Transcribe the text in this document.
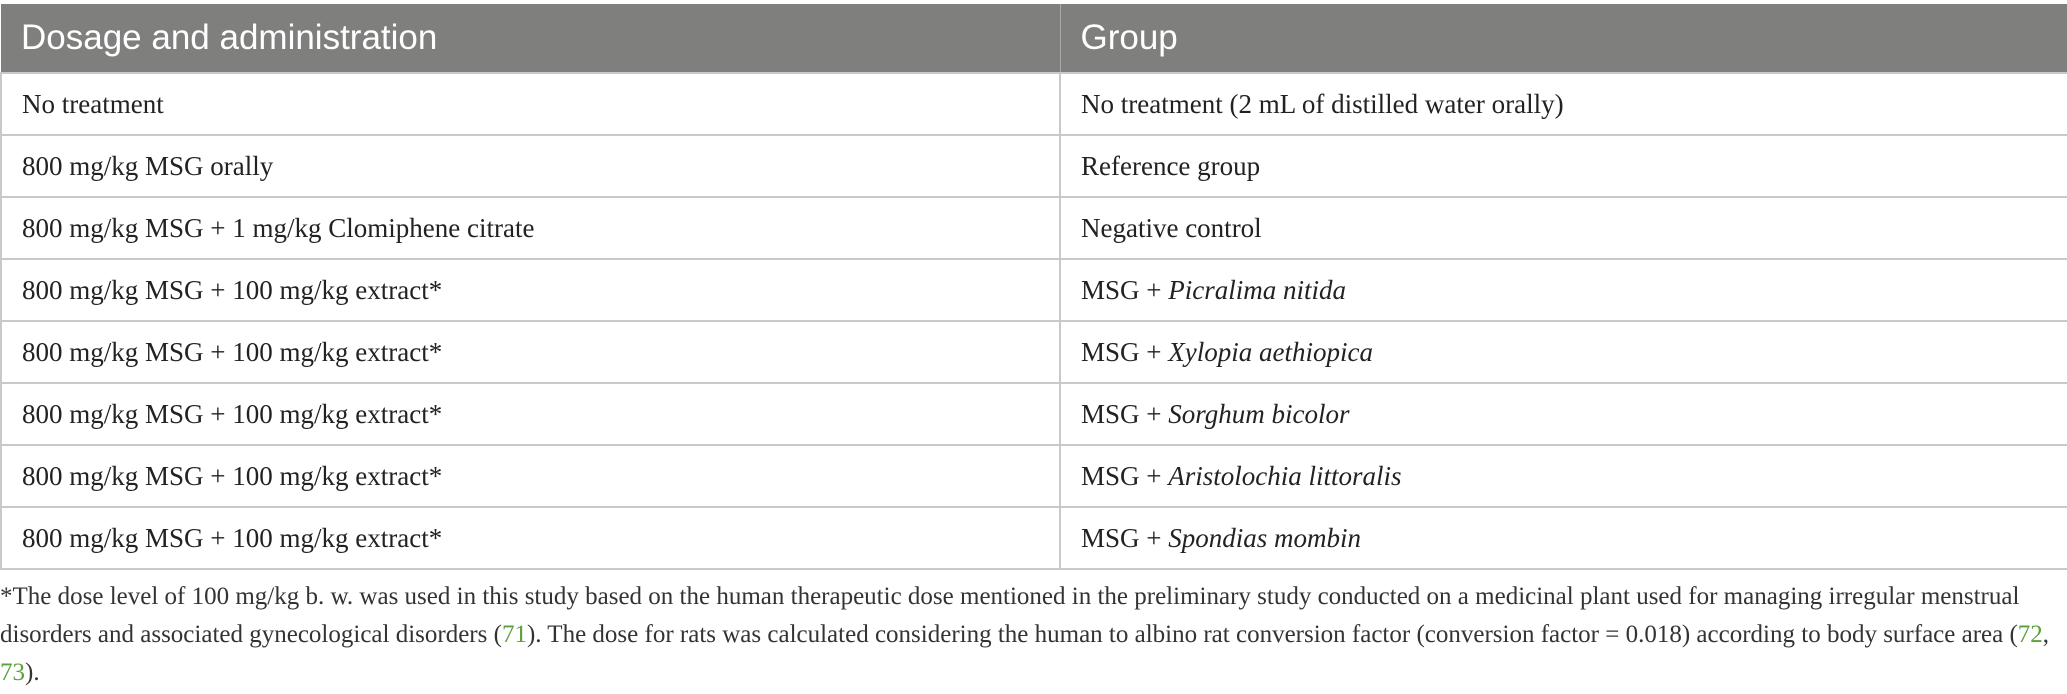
Dosage and administration	Group
No treatment	No treatment (2 mL of distilled water orally)
800 mg/kg MSG orally	Reference group
800 mg/kg MSG + 1 mg/kg Clomiphene citrate	Negative control
800 mg/kg MSG + 100 mg/kg extract*	MSG + Picralima nitida
800 mg/kg MSG + 100 mg/kg extract*	MSG + Xylopia aethiopica
800 mg/kg MSG + 100 mg/kg extract*	MSG + Sorghum bicolor
800 mg/kg MSG + 100 mg/kg extract*	MSG + Aristolochia littoralis
800 mg/kg MSG + 100 mg/kg extract*	MSG + Spondias mombin
*The dose level of 100 mg/kg b. w. was used in this study based on the human therapeutic dose mentioned in the preliminary study conducted on a medicinal plant used for managing irregular menstrual disorders and associated gynecological disorders (71). The dose for rats was calculated considering the human to albino rat conversion factor (conversion factor = 0.018) according to body surface area (72, 73).
